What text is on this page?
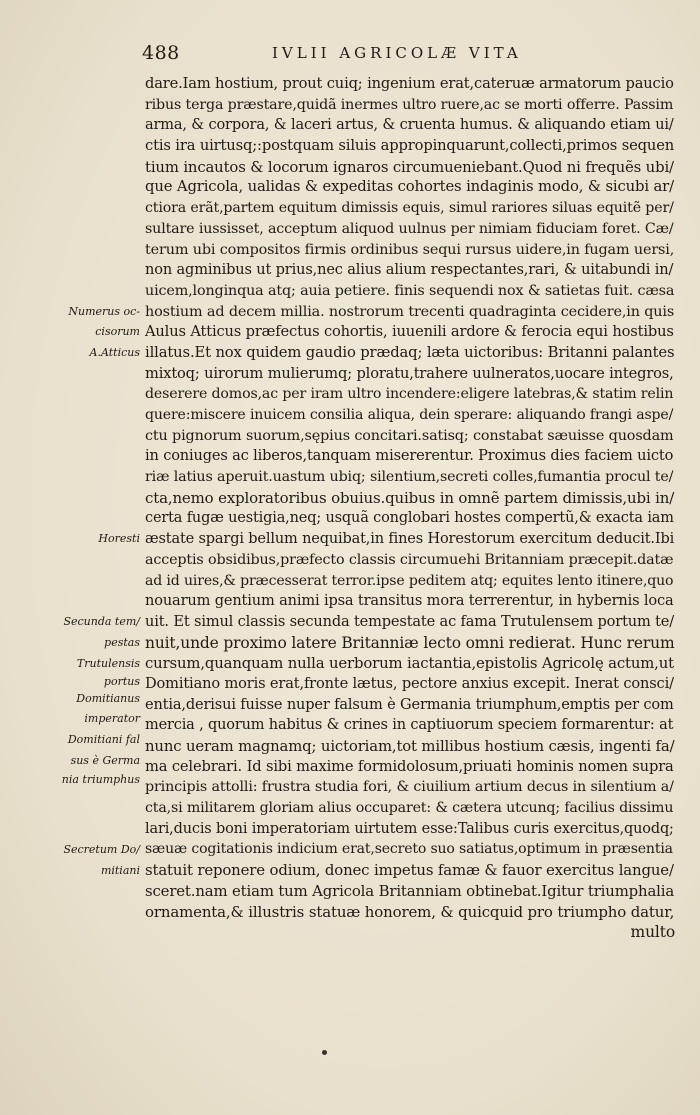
488	IVLII AGRICOLÆ VITA
dare.Iam hostium, prout cuiq; ingenium erat,cateruæ armatorum paucio
ribus terga præstare,quidã inermes ultro ruere,ac se morti offerre. Passim
arma, & corpora, & laceri artus, & cruenta humus. & aliquando etiam ui/
ctis ira uirtusq;:postquam siluis appropinquarunt,collecti,primos sequen
tium incautos & locorum ignaros circumueniebant.Quod ni frequẽs ubi/
que Agricola, ualidas & expeditas cohortes indaginis modo, & sicubi ar/
ctiora erãt,partem equitum dimissis equis, simul rariores siluas equitẽ per/
sultare iussisset, acceptum aliquod uulnus per nimiam fiduciam foret. Cæ/
terum ubi compositos firmis ordinibus sequi rursus uidere,in fugam uersi,
non agminibus ut prius,nec alius alium respectantes,rari, & uitabundi in/
uicem,longinqua atq; auia petiere. finis sequendi nox & satietas fuit. cæsa
hostium ad decem millia. nostrorum trecenti quadraginta cecidere,in quis
Aulus Atticus præfectus cohortis, iuuenili ardore & ferocia equi hostibus
illatus.Et nox quidem gaudio prædaq; læta uictoribus: Britanni palantes
mixtoq; uirorum mulierumq; ploratu,trahere uulneratos,uocare integros,
deserere domos,ac per iram ultro incendere:eligere latebras,& statim relin
quere:miscere inuicem consilia aliqua, dein sperare: aliquando frangi aspe/
ctu pignorum suorum,sępius concitari.satisq; constabat sæuisse quosdam
in coniuges ac liberos,tanquam misererentur. Proximus dies faciem uicto
riæ latius aperuit.uastum ubiq; silentium,secreti colles,fumantia procul te/
cta,nemo exploratoribus obuius.quibus in omnẽ partem dimissis,ubi in/
certa fugæ uestigia,neq; usquã conglobari hostes compertũ,& exacta iam
æstate spargi bellum nequibat,in fines Horestorum exercitum deducit.Ibi
acceptis obsidibus,præfecto classis circumuehi Britanniam præcepit.datæ
ad id uires,& præcesserat terror.ipse peditem atq; equites lento itinere,quo
nouarum gentium animi ipsa transitus mora terrerentur, in hybernis loca
uit. Et simul classis secunda tempestate ac fama Trutulensem portum te/
nuit,unde proximo latere Britanniæ lecto omni redierat. Hunc rerum
cursum,quanquam nulla uerborum iactantia,epistolis Agricolę actum,ut
Domitiano moris erat,fronte lætus, pectore anxius excepit. Inerat consci/
entia,derisui fuisse nuper falsum è Germania triumphum,emptis per com
mercia , quorum habitus & crines in captiuorum speciem formarentur: at
nunc ueram magnamq; uictoriam,tot millibus hostium cæsis, ingenti fa/
ma celebrari. Id sibi maxime formidolosum,priuati hominis nomen supra
principis attolli: frustra studia fori, & ciuilium artium decus in silentium a/
cta,si militarem gloriam alius occuparet: & cætera utcunq; facilius dissimu
lari,ducis boni imperatoriam uirtutem esse:Talibus curis exercitus,quodq;
sæuæ cogitationis indicium erat,secreto suo satiatus,optimum in præsentia
statuit reponere odium, donec impetus famæ & fauor exercitus langue/
sceret.nam etiam tum Agricola Britanniam obtinebat.Igitur triumphalia
ornamenta,& illustris statuæ honorem, & quicquid pro triumpho datur,
multo
Numerus oc-
cisorum
A.Atticus
Horesti
Secunda tem/
pestas
Trutulensis
portus
Domitianus
imperator
Domitiani fal
sus è Germa
nia triumphus
Secretum Do/
mitiani
